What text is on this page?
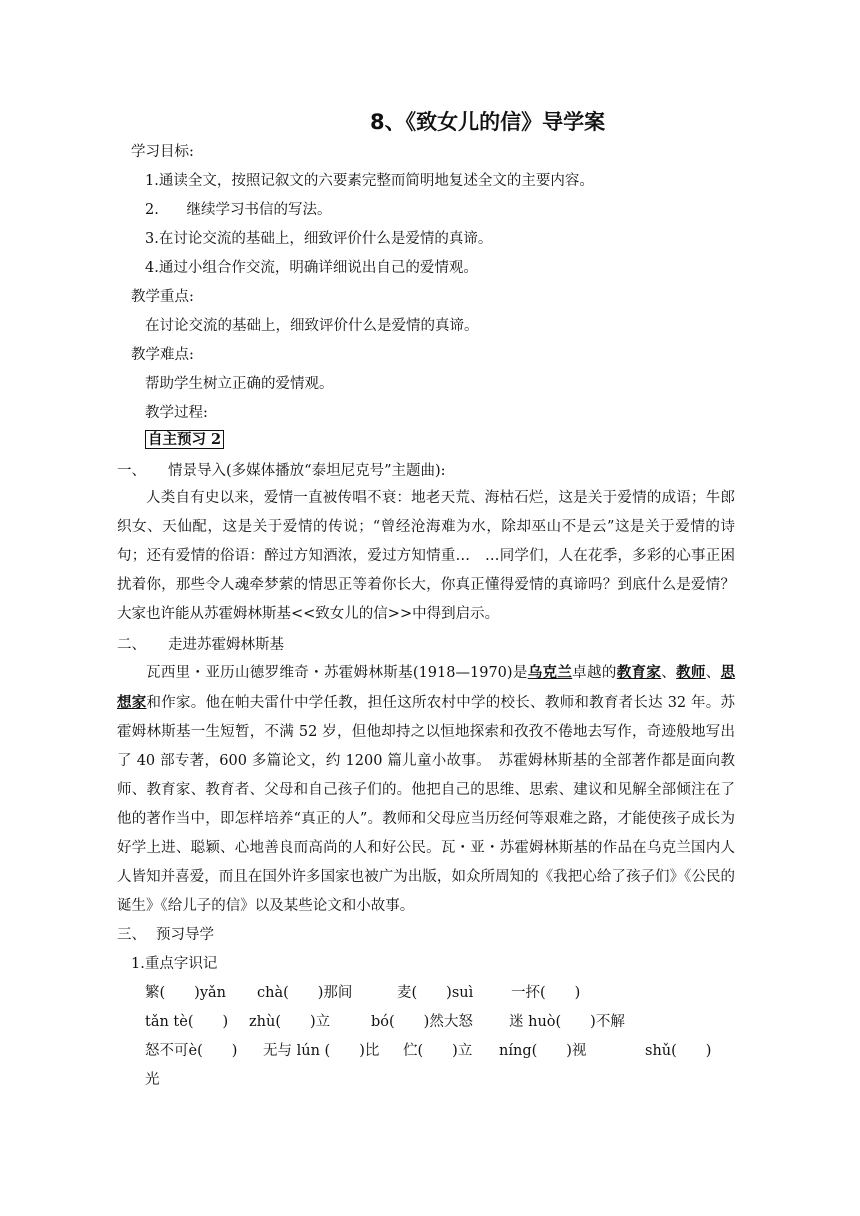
8、《致女儿的信》导学案
学习目标:
1.通读全文，按照记叙文的六要素完整而简明地复述全文的主要内容。
2.      继续学习书信的写法。
3.在讨论交流的基础上，细致评价什么是爱情的真谛。
4.通过小组合作交流，明确详细说出自己的爱情观。
教学重点:
在讨论交流的基础上，细致评价什么是爱情的真谛。
教学难点:
帮助学生树立正确的爱情观。
教学过程:
自主预习 2
一、 情景导入(多媒体播放“泰坦尼克号”主题曲):

人类自有史以来，爱情一直被传唱不衰：地老天荒、海枯石烂，这是关于爱情的成语；牛郎织女、天仙配，这是关于爱情的传说；“曾经沧海难为水，除却巫山不是云”这是关于爱情的诗句；还有爱情的俗语：醉过方知酒浓，爱过方知情重…　…同学们，人在花季，多彩的心事正困扰着你，那些令人魂牵梦萦的情思正等着你长大，你真正懂得爱情的真谛吗？到底什么是爱情？大家也许能从苏霍姆林斯基<<致女儿的信>>中得到启示。

二、 走进苏霍姆林斯基

瓦西里・亚历山德罗维奇・苏霍姆林斯基(1918—1970)是乌克兰卓越的教育家、教师、思想家和作家。他在帕夫雷什中学任教，担任这所农村中学的校长、教师和教育者长达 32 年。苏霍姆林斯基一生短暂，不满 52 岁，但他却持之以恒地探索和孜孜不倦地去写作，奇迹般地写出了 40 部专著，600 多篇论文，约 1200 篇儿童小故事。　苏霍姆林斯基的全部著作都是面向教师、教育家、教育者、父母和自己孩子们的。他把自己的思维、思索、建议和见解全部倾注在了他的著作当中，即怎样培养“真正的人”。教师和父母应当历经何等艰难之路，才能使孩子成长为好学上进、聪颖、心地善良而高尚的人和好公民。瓦・亚・苏霍姆林斯基的作品在乌克兰国内人人皆知并喜爱，而且在国外许多国家也被广为出版，如众所周知的《我把心给了孩子们》《公民的诞生》《给儿子的信》以及某些论文和小故事。

三、 预习导学
1.重点字识记
繁(　　)yǎn chà(　　)那间	麦(　　)suì	一抔(　　)
tǎn tè(　　) zhù(　　)立	bó(　　)然大怒 迷 huò(　　)不解
怒不可è(　　) 无与 lún (　　)比 伫(　　)立 níng(　　)视	shǔ(　　)
光
